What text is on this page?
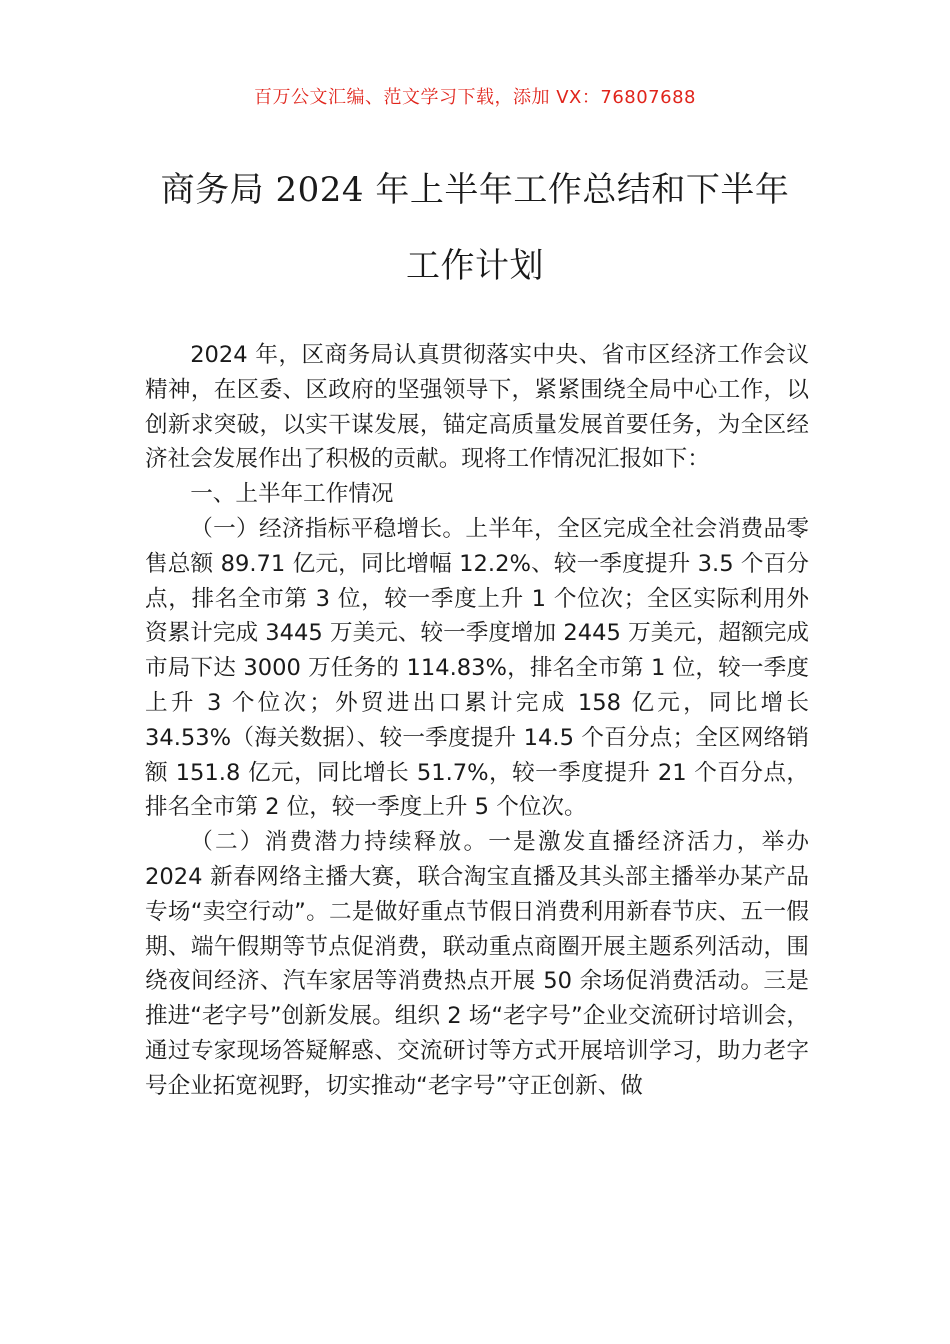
百万公文汇编、范文学习下载，添加 VX：76807688
商务局 2024 年上半年工作总结和下半年工作计划

2024 年，区商务局认真贯彻落实中央、省市区经济工作会议精神，在区委、区政府的坚强领导下，紧紧围绕全局中心工作，以创新求突破，以实干谋发展，锚定高质量发展首要任务，为全区经济社会发展作出了积极的贡献。现将工作情况汇报如下：

一、上半年工作情况

（一）经济指标平稳增长。上半年，全区完成全社会消费品零售总额 89.71 亿元，同比增幅 12.2%、较一季度提升 3.5 个百分点，排名全市第 3 位，较一季度上升 1 个位次；全区实际利用外资累计完成 3445 万美元、较一季度增加 2445 万美元，超额完成市局下达 3000 万任务的 114.83%，排名全市第 1 位，较一季度上升 3 个位次；外贸进出口累计完成 158 亿元，同比增长 34.53%（海关数据）、较一季度提升 14.5 个百分点；全区网络销额 151.8 亿元，同比增长 51.7%，较一季度提升 21 个百分点，排名全市第 2 位，较一季度上升 5 个位次。

（二）消费潜力持续释放。一是激发直播经济活力，举办 2024 新春网络主播大赛，联合淘宝直播及其头部主播举办某产品专场“卖空行动”。二是做好重点节假日消费利用新春节庆、五一假期、端午假期等节点促消费，联动重点商圈开展主题系列活动，围绕夜间经济、汽车家居等消费热点开展 50 余场促消费活动。三是推进“老字号”创新发展。组织 2 场“老字号”企业交流研讨培训会，通过专家现场答疑解惑、交流研讨等方式开展培训学习，助力老字号企业拓宽视野，切实推动“老字号”守正创新、做
